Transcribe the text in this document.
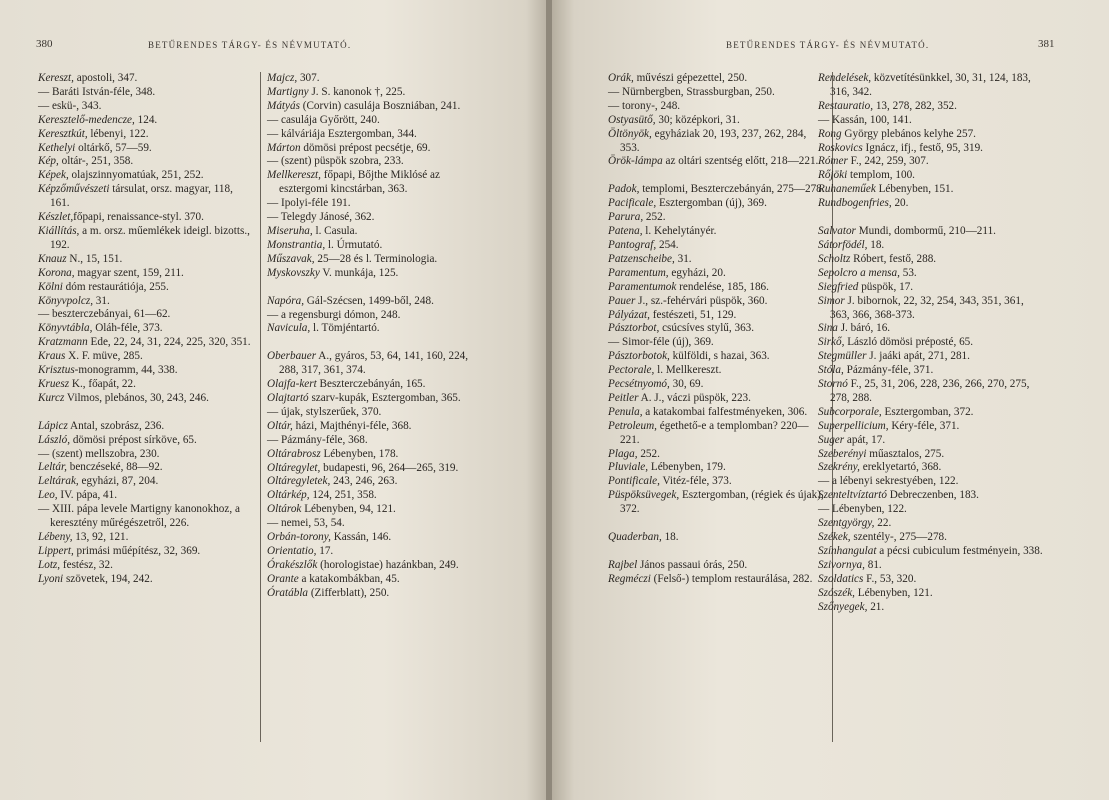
380	BETŰRENDES TÁRGY- ÉS NÉVMUTATÓ.
Kereszt, apostoli, 347.
— Baráti István-féle, 348.
— eskü-, 343.
Keresztelő-medencze, 124.
Keresztkút, lébenyi, 122.
Kethelyi oltárkő, 57—59.
Kép, oltár-, 251, 358.
Képek, olajszinnyomatúak, 251, 252.
Képzőművészeti társulat, orsz. magyar, 118, 161.
Készlet,főpapi, renaissance-styl. 370.
Kiállítás, a m. orsz. műemlékek ideigl. bizotts., 192.
Knauz N., 15, 151.
Korona, magyar szent, 159, 211.
Kölni dóm restaurátiója, 255.
Könyvpolcz, 31.
— beszterczebányai, 61—62.
Könyvtábla, Oláh-féle, 373.
Kratzmann Ede, 22, 24, 31, 224, 225, 320, 351.
Kraus X. F. müve, 285.
Krisztus-monogramm, 44, 338.
Kruesz K., főapát, 22.
Kurcz Vilmos, plebános, 30, 243, 246.
Lápicz Antal, szobrász, 236.
László, dömösi prépost sírköve, 65.
— (szent) mellszobra, 230.
Leltár, benczéseké, 88—92.
Leltárak, egyházi, 87, 204.
Leo, IV. pápa, 41.
— XIII. pápa levele Martigny kanonokhoz, a keresztény műrégészetről, 226.
Lébeny, 13, 92, 121.
Lippert, primási műépítész, 32, 369.
Lotz, festész, 32.
Lyoni szövetek, 194, 242.
Majcz, 307.
Martigny J. S. kanonok †, 225.
Mátyás (Corvin) casulája Boszniában, 241.
— casulája Győrött, 240.
— kálváriája Esztergomban, 344.
Márton dömösi prépost pecsétje, 69.
— (szent) püspök szobra, 233.
Mellkereszt, főpapi, Bőjthe Miklósé az esztergomi kincstárban, 363.
— Ipolyi-féle 191.
— Telegdy Jánosé, 362.
Miseruha, l. Casula.
Monstrantia, l. Úrmutató.
Műszavak, 25—28 és l. Terminologia.
Myskovszky V. munkája, 125.
Napóra, Gál-Szécsen, 1499-ből, 248.
— a regensburgi dómon, 248.
Navicula, l. Tömjéntartó.
Oberbauer A., gyáros, 53, 64, 141, 160, 224, 288, 317, 361, 374.
Olajfa-kert Beszterczebányán, 165.
Olajtartó szarv-kupák, Esztergomban, 365.
— újak, stylszerűek, 370.
Oltár, házi, Majthényi-féle, 368.
— Pázmány-féle, 368.
Oltárabrosz Lébenyben, 178.
Oltáregylet, budapesti, 96, 264—265, 319.
Oltáregyletek, 243, 246, 263.
Oltárkép, 124, 251, 358.
Oltárok Lébenyben, 94, 121.
— nemei, 53, 54.
Orbán-torony, Kassán, 146.
Orientatio, 17.
Órakészlők (horologistae) hazánkban, 249.
Orante a katakombákban, 45.
Óratábla (Zifferblatt), 250.
BETŰRENDES TÁRGY- ÉS NÉVMUTATÓ.	381
Orák, művészi gépezettel, 250.
— Nürnbergben, Strassburgban, 250.
— torony-, 248.
Ostyasütő, 30; középkori, 31.
Öltönyök, egyháziak 20, 193, 237, 262, 284, 353.
Örök-lámpa az oltári szentség előtt, 218—221.
Padok, templomi, Beszterczebányán, 275—278.
Pacificale, Esztergomban (új), 369.
Parura, 252.
Patena, l. Kehelytányér.
Pantograf, 254.
Patzenscheibe, 31.
Paramentum, egyházi, 20.
Paramentumok rendelése, 185, 186.
Pauer J., sz.-fehérvári püspök, 360.
Pályázat, festészeti, 51, 129.
Pásztorbot, csúcsíves stylű, 363.
— Simor-féle (új), 369.
Pásztorbotok, külföldi, s hazai, 363.
Pectorale, l. Mellkereszt.
Pecsétnyomó, 30, 69.
Peitler A. J., váczi püspök, 223.
Penula, a katakombai falfestményeken, 306.
Petroleum, égethető-e a templomban? 220—221.
Plaga, 252.
Pluviale, Lébenyben, 179.
Pontificale, Vitéz-féle, 373.
Püspöksüvegek, Esztergomban, (régiek és újak), 372.
Quaderban, 18.
Rajbel János passaui órás, 250.
Regméczi (Felső-) templom restaurálása, 282.
Rendelések, közvetítésünkkel, 30, 31, 124, 183, 316, 342.
Restauratio, 13, 278, 282, 352.
— Kassán, 100, 141.
Rong György plebános kelyhe 257.
Roskovics Ignácz, ifj., festő, 95, 319.
Rómer F., 242, 259, 307.
Rőjöki templom, 100.
Ruhaneműek Lébenyben, 151.
Rundbogenfries, 20.
Salvator Mundi, dombormű, 210—211.
Sátorfödél, 18.
Scholtz Róbert, festő, 288.
Sepolcro a mensa, 53.
Siegfried püspök, 17.
Simor J. bibornok, 22, 32, 254, 343, 351, 361, 363, 366, 368-373.
Sina J. báró, 16.
Sirkő, László dömösi préposté, 65.
Stegmüller J. jaáki apát, 271, 281.
Stóla, Pázmány-féle, 371.
Stornó F., 25, 31, 206, 228, 236, 266, 270, 275, 278, 288.
Subcorporale, Esztergomban, 372.
Superpellicium, Kéry-féle, 371.
Suger apát, 17.
Szeberényi műasztalos, 275.
Szekrény, ereklyetartó, 368.
— a lébenyi sekrestyében, 122.
Szenteltvíztartó Debreczenben, 183.
— Lébenyben, 122.
Szentgyörgy, 22.
Székek, szentély-, 275—278.
Színhangulat a pécsi cubiculum festményein, 338.
Szivornya, 81.
Szoldatics F., 53, 320.
Szószék, Lébenyben, 121.
Szőnyegek, 21.
